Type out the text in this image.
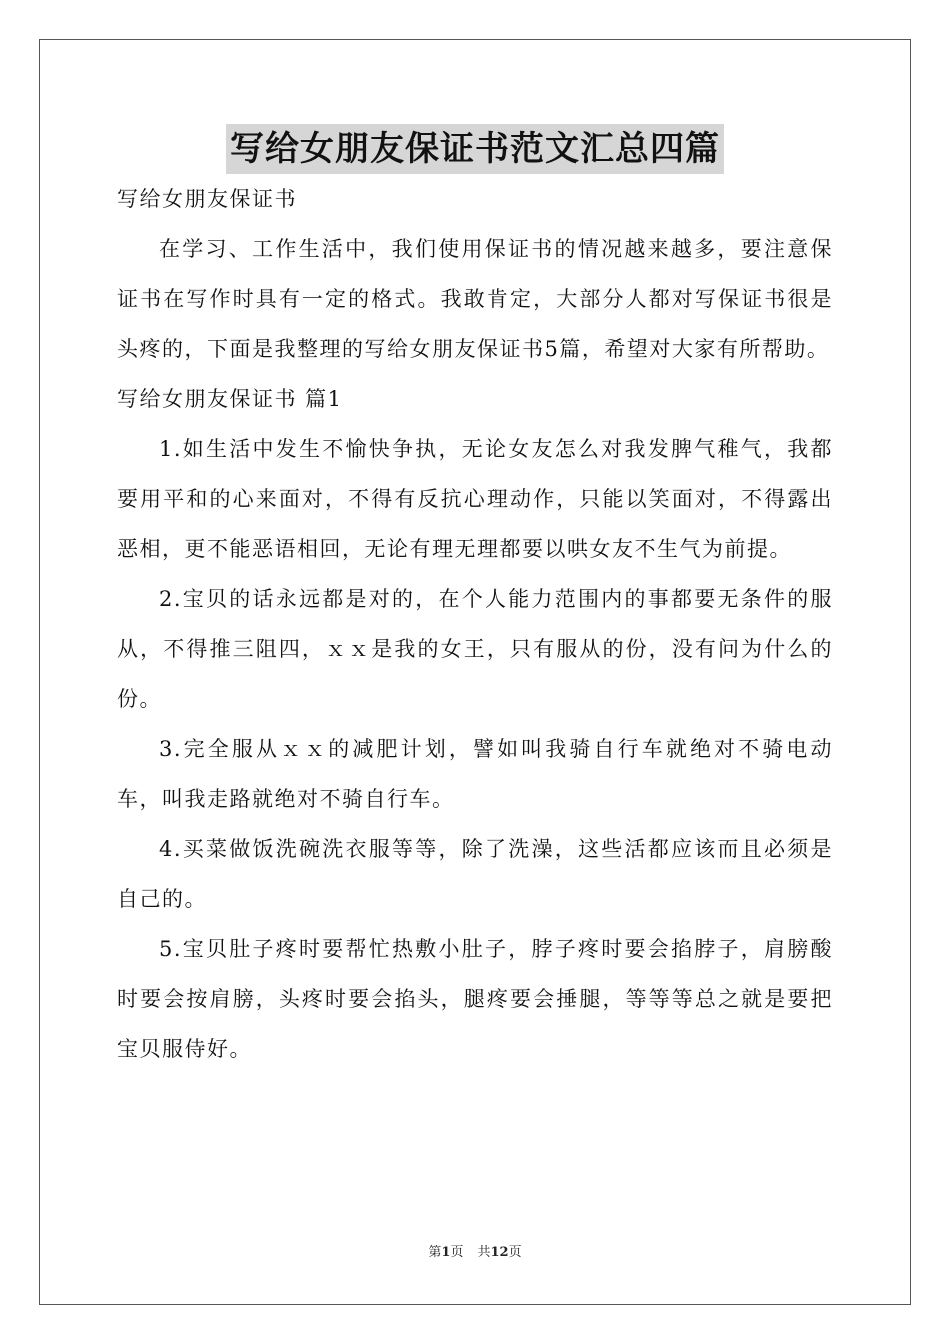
写给女朋友保证书范文汇总四篇

写给女朋友保证书

在学习、工作生活中，我们使用保证书的情况越来越多，要注意保证书在写作时具有一定的格式。我敢肯定，大部分人都对写保证书很是头疼的，下面是我整理的写给女朋友保证书5篇，希望对大家有所帮助。

写给女朋友保证书 篇1

1.如生活中发生不愉快争执，无论女友怎么对我发脾气稚气，我都要用平和的心来面对，不得有反抗心理动作，只能以笑面对，不得露出恶相，更不能恶语相回，无论有理无理都要以哄女友不生气为前提。

2.宝贝的话永远都是对的，在个人能力范围内的事都要无条件的服从，不得推三阻四，ｘｘ是我的女王，只有服从的份，没有问为什么的份。

3.完全服从ｘｘ的减肥计划，譬如叫我骑自行车就绝对不骑电动车，叫我走路就绝对不骑自行车。

4.买菜做饭洗碗洗衣服等等，除了洗澡，这些活都应该而且必须是自己的。

5.宝贝肚子疼时要帮忙热敷小肚子，脖子疼时要会掐脖子，肩膀酸时要会按肩膀，头疼时要会掐头，腿疼要会捶腿，等等等总之就是要把宝贝服侍好。

第1页 共12页
